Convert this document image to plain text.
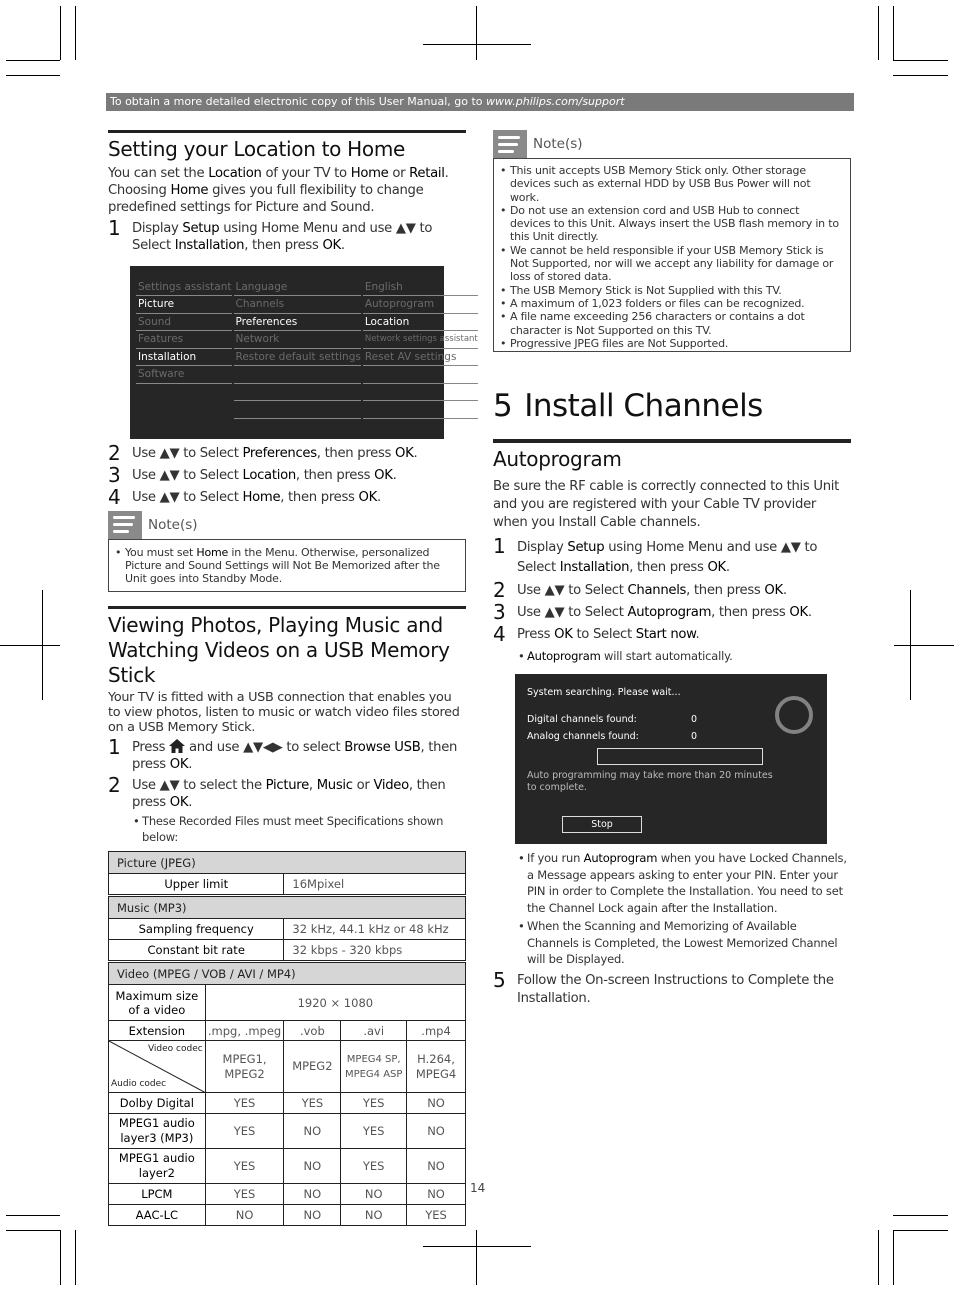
To obtain a more detailed electronic copy of this User Manual, go to www.philips.com/support
Setting your Location to Home

You can set the Location of your TV to Home or Retail. Choosing Home gives you full flexibility to change predefined settings for Picture and Sound.

1 Display Setup using Home Menu and use ▲▼ to Select Installation, then press OK.
Settings assistant		Language		English
Picture		Channels		Autoprogram
Sound		Preferences		Location
Features		Network		Network settings assistant
Installation		Restore default settings		Reset AV settings
Software				

2 Use ▲▼ to Select Preferences, then press OK.
3 Use ▲▼ to Select Location, then press OK.
4 Use ▲▼ to Select Home, then press OK.
Note(s)
• You must set Home in the Menu. Otherwise, personalized Picture and Sound Settings will Not Be Memorized after the Unit goes into Standby Mode.
Viewing Photos, Playing Music and Watching Videos on a USB Memory Stick

Your TV is fitted with a USB connection that enables you to view photos, listen to music or watch video files stored on a USB Memory Stick.

1 Press  and use ▲▼◀▶ to select Browse USB, then press OK.
2 Use ▲▼ to select the Picture, Music or Video, then press OK.
• These Recorded Files must meet Specifications shown below:
Picture (JPEG)				
Upper limit		16Mpixel		

Music (MP3)				
Sampling frequency		32 kHz, 44.1 kHz or 48 kHz		
Constant bit rate		32 kbps - 320 kbps		

Video (MPEG / VOB / AVI / MP4)				
Maximum size of a video	1920 × 1080			
Extension	.mpg, .mpeg	.vob	.avi	.mp4

Video codec
Audio codec	MPEG1, MPEG2	MPEG2	MPEG4 SP, MPEG4 ASP	H.264, MPEG4
Dolby Digital	YES	YES	YES	NO
MPEG1 audio layer3 (MP3)	YES	NO	YES	NO
MPEG1 audio layer2	YES	NO	YES	NO
LPCM	YES	NO	NO	NO
AAC-LC	NO	NO	NO	YES
Note(s)
• This unit accepts USB Memory Stick only. Other storage devices such as external HDD by USB Bus Power will not work.
• Do not use an extension cord and USB Hub to connect devices to this Unit. Always insert the USB flash memory in to this Unit directly.
• We cannot be held responsible if your USB Memory Stick is Not Supported, nor will we accept any liability for damage or loss of stored data.
• The USB Memory Stick is Not Supplied with this TV.
• A maximum of 1,023 folders or files can be recognized.
• A file name exceeding 256 characters or contains a dot character is Not Supported on this TV.
• Progressive JPEG files are Not Supported.
5 Install Channels
Autoprogram

Be sure the RF cable is correctly connected to this Unit and you are registered with your Cable TV provider when you Install Cable channels.

1 Display Setup using Home Menu and use ▲▼ to Select Installation, then press OK.
2 Use ▲▼ to Select Channels, then press OK.
3 Use ▲▼ to Select Autoprogram, then press OK.
4 Press OK to Select Start now.
• Autoprogram will start automatically.
System searching. Please wait...
Digital channels found:	0
Analog channels found:	0
Auto programming may take more than 20 minutes to complete.
Stop
• If you run Autoprogram when you have Locked Channels, a Message appears asking to enter your PIN. Enter your PIN in order to Complete the Installation. You need to set the Channel Lock again after the Installation.
• When the Scanning and Memorizing of Available Channels is Completed, the Lowest Memorized Channel will be Displayed.
5 Follow the On-screen Instructions to Complete the Installation.
14
